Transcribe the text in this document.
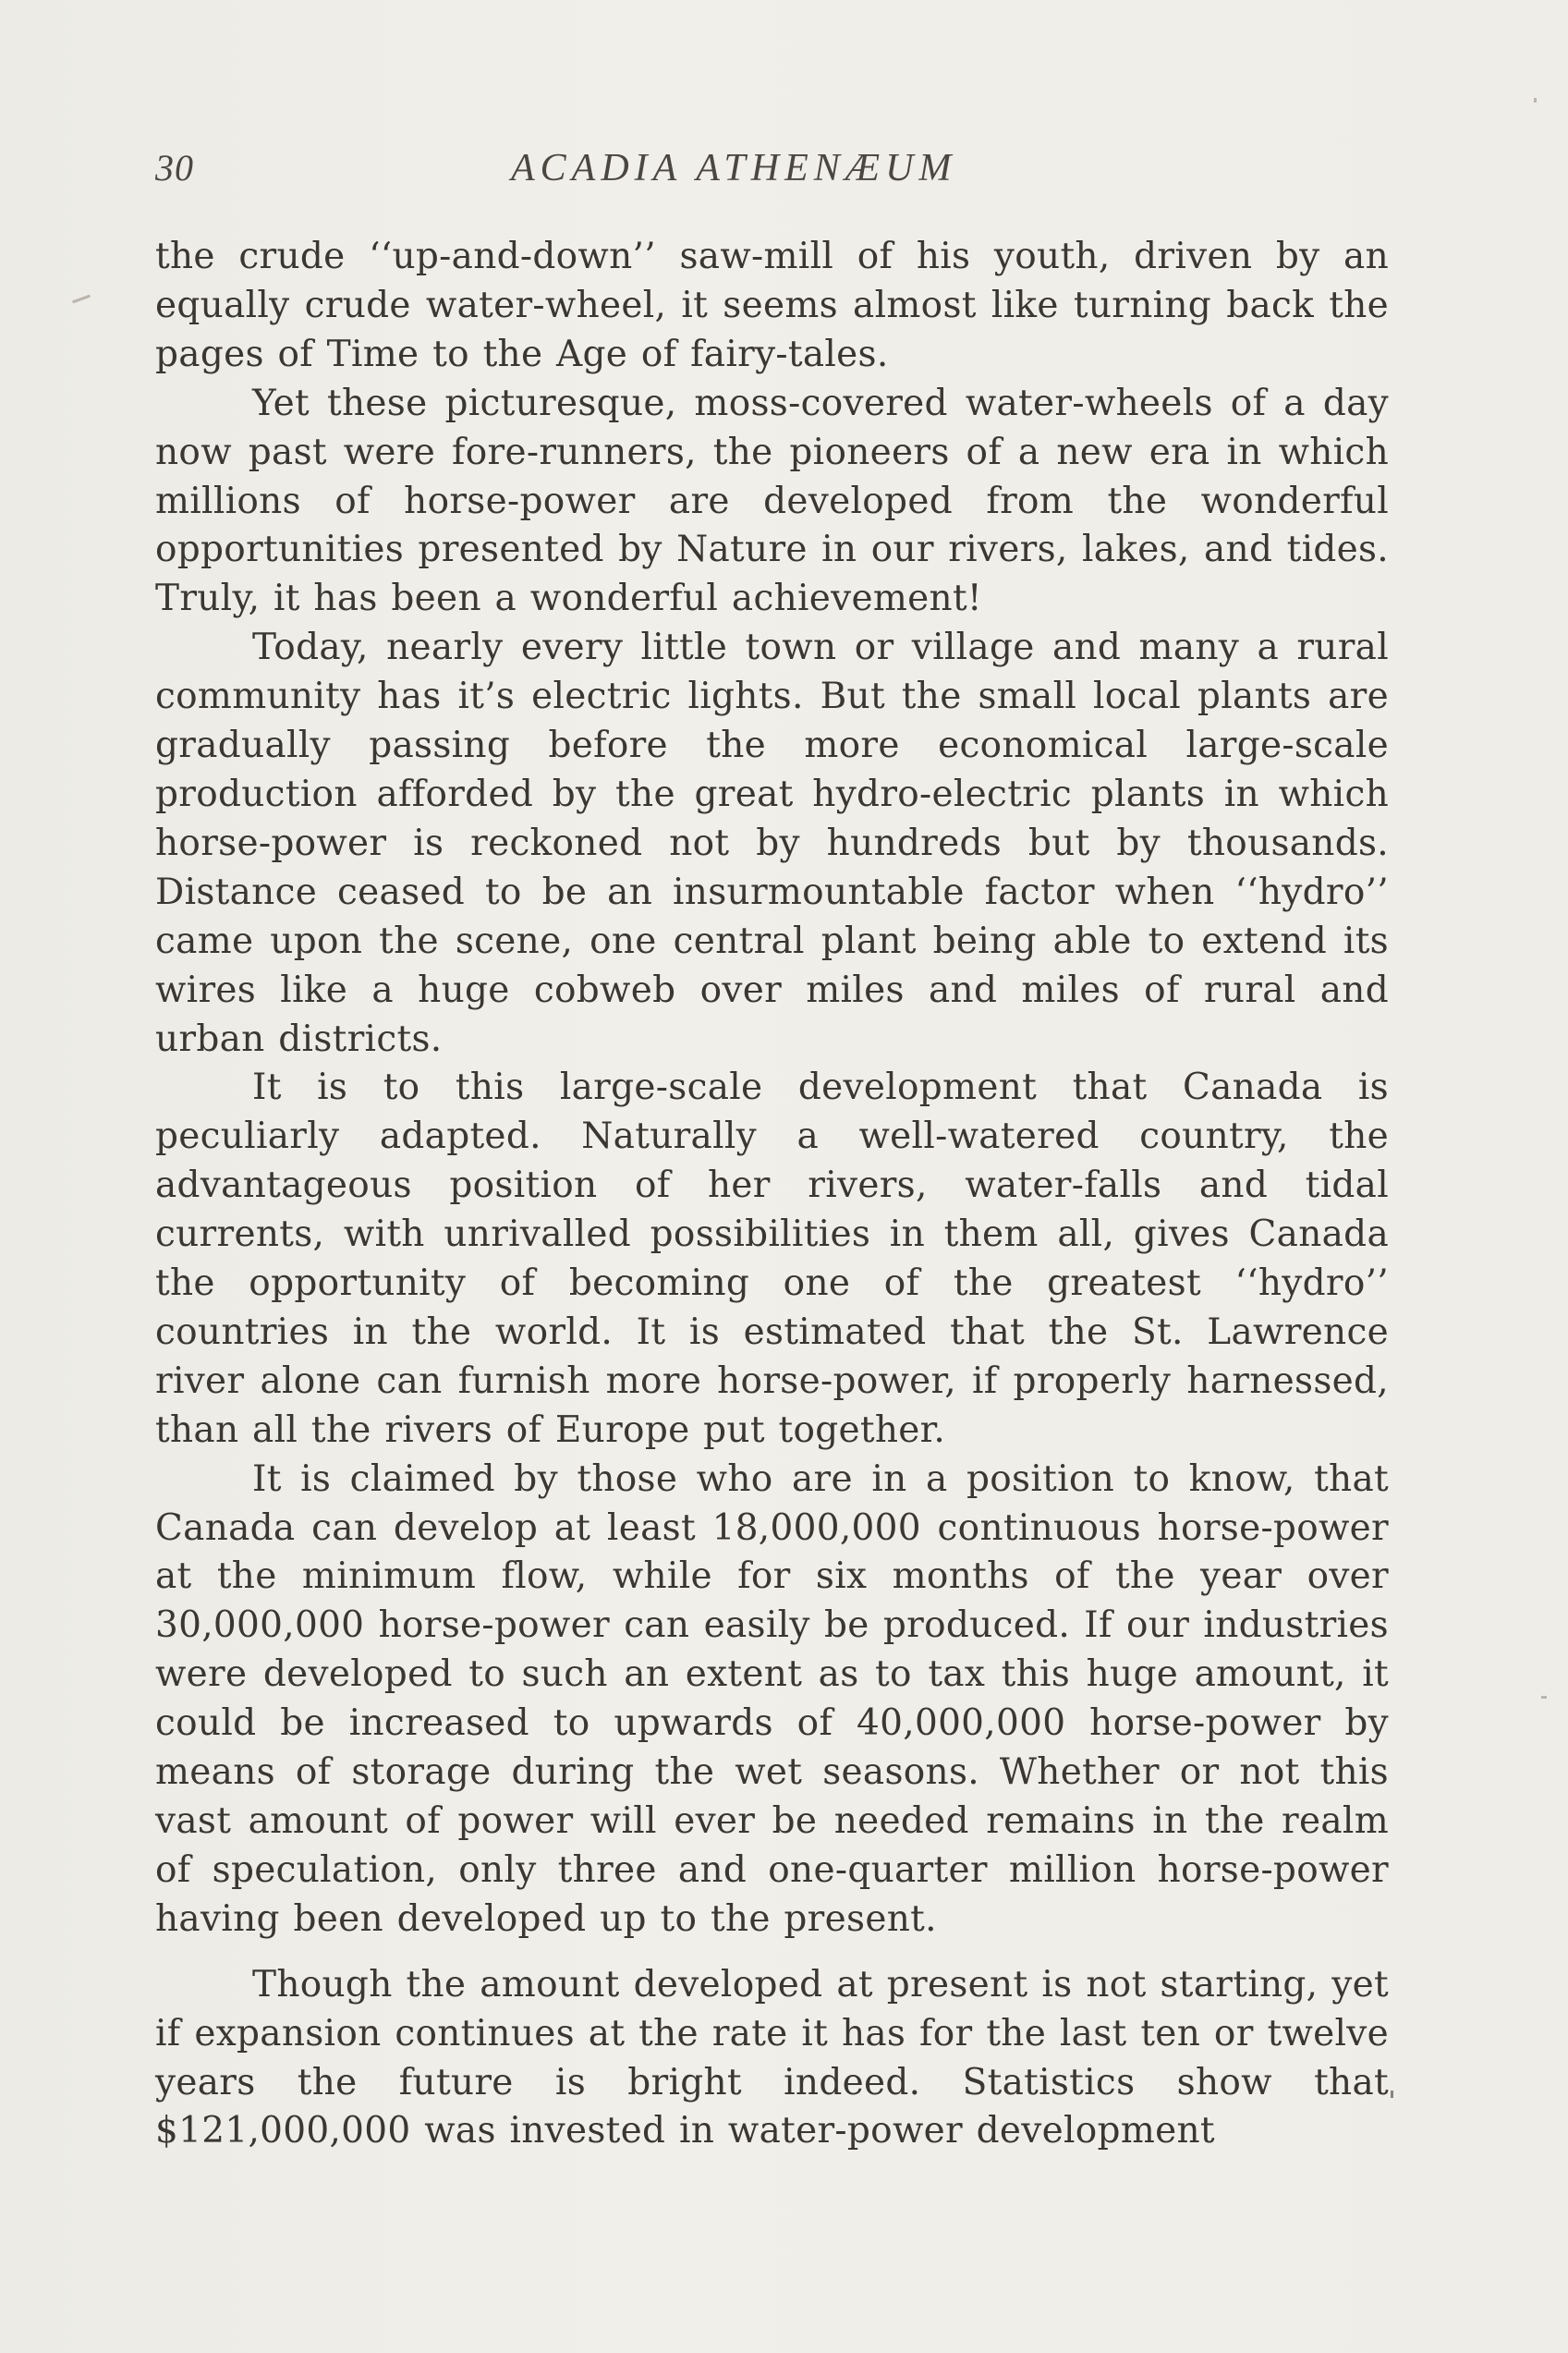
30	ACADIA ATHENÆUM

the crude ‘‘up-and-down’’ saw-mill of his youth, driven by an equally crude water-wheel, it seems almost like turning back the pages of Time to the Age of fairy-tales.

Yet these picturesque, moss-covered water-wheels of a day now past were fore-runners, the pioneers of a new era in which millions of horse-power are developed from the wonderful opportunities presented by Nature in our rivers, lakes, and tides. Truly, it has been a wonderful achievement!

Today, nearly every little town or village and many a rural community has it’s electric lights. But the small local plants are gradually passing before the more economical large-scale production afforded by the great hydro-electric plants in which horse-power is reckoned not by hundreds but by thousands. Distance ceased to be an insurmountable factor when ‘‘hydro’’ came upon the scene, one central plant being able to extend its wires like a huge cobweb over miles and miles of rural and urban districts.

It is to this large-scale development that Canada is peculiarly adapted. Naturally a well-watered country, the advantageous position of her rivers, water-falls and tidal currents, with unrivalled possibilities in them all, gives Canada the opportunity of becoming one of the greatest ‘‘hydro’’ countries in the world. It is estimated that the St. Lawrence river alone can furnish more horse-power, if properly harnessed, than all the rivers of Europe put together.

It is claimed by those who are in a position to know, that Canada can develop at least 18,000,000 continuous horse-power at the minimum flow, while for six months of the year over 30,000,000 horse-power can easily be produced. If our industries were developed to such an extent as to tax this huge amount, it could be increased to upwards of 40,000,000 horse-power by means of storage during the wet seasons. Whether or not this vast amount of power will ever be needed remains in the realm of speculation, only three and one-quarter million horse-power having been developed up to the present.

Though the amount developed at present is not starting, yet if expansion continues at the rate it has for the last ten or twelve years the future is bright indeed. Statistics show that $121,000,000 was invested in water-power development
